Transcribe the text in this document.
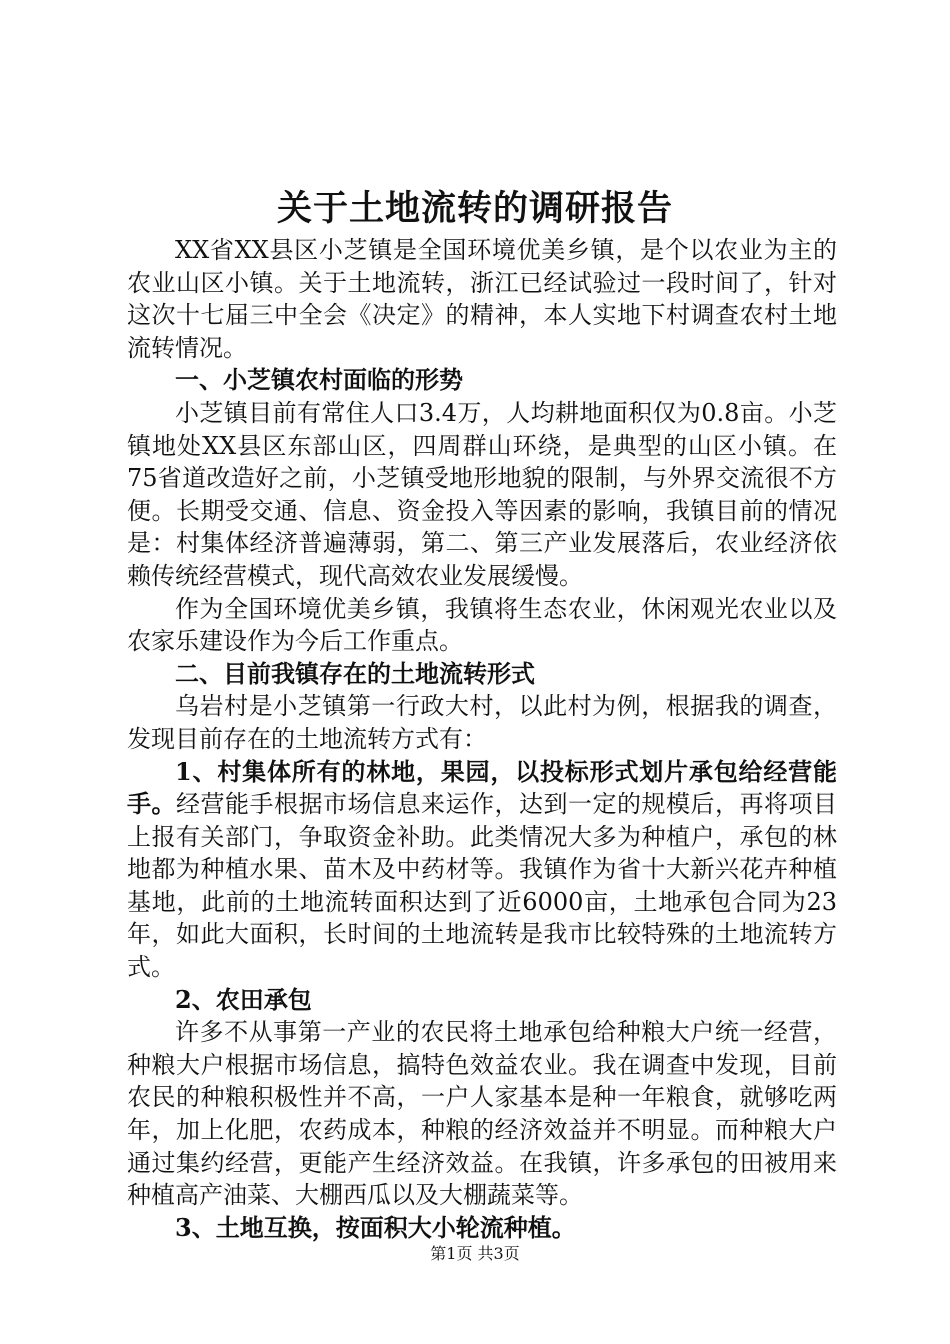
关于土地流转的调研报告

XX省XX县区小芝镇是全国环境优美乡镇，是个以农业为主的农业山区小镇。关于土地流转，浙江已经试验过一段时间了，针对这次十七届三中全会《决定》的精神，本人实地下村调查农村土地流转情况。

一、小芝镇农村面临的形势

小芝镇目前有常住人口3.4万，人均耕地面积仅为0.8亩。小芝镇地处XX县区东部山区，四周群山环绕，是典型的山区小镇。在75省道改造好之前，小芝镇受地形地貌的限制，与外界交流很不方便。长期受交通、信息、资金投入等因素的影响，我镇目前的情况是：村集体经济普遍薄弱，第二、第三产业发展落后，农业经济依赖传统经营模式，现代高效农业发展缓慢。

作为全国环境优美乡镇，我镇将生态农业，休闲观光农业以及农家乐建设作为今后工作重点。

二、目前我镇存在的土地流转形式

乌岩村是小芝镇第一行政大村，以此村为例，根据我的调查，发现目前存在的土地流转方式有：

1、村集体所有的林地，果园，以投标形式划片承包给经营能手。经营能手根据市场信息来运作，达到一定的规模后，再将项目上报有关部门，争取资金补助。此类情况大多为种植户，承包的林地都为种植水果、苗木及中药材等。我镇作为省十大新兴花卉种植基地，此前的土地流转面积达到了近6000亩，土地承包合同为23年，如此大面积，长时间的土地流转是我市比较特殊的土地流转方式。

2、农田承包

许多不从事第一产业的农民将土地承包给种粮大户统一经营，种粮大户根据市场信息，搞特色效益农业。我在调查中发现，目前农民的种粮积极性并不高，一户人家基本是种一年粮食，就够吃两年，加上化肥，农药成本，种粮的经济效益并不明显。而种粮大户通过集约经营，更能产生经济效益。在我镇，许多承包的田被用来种植高产油菜、大棚西瓜以及大棚蔬菜等。

3、土地互换，按面积大小轮流种植。

第1页 共3页
